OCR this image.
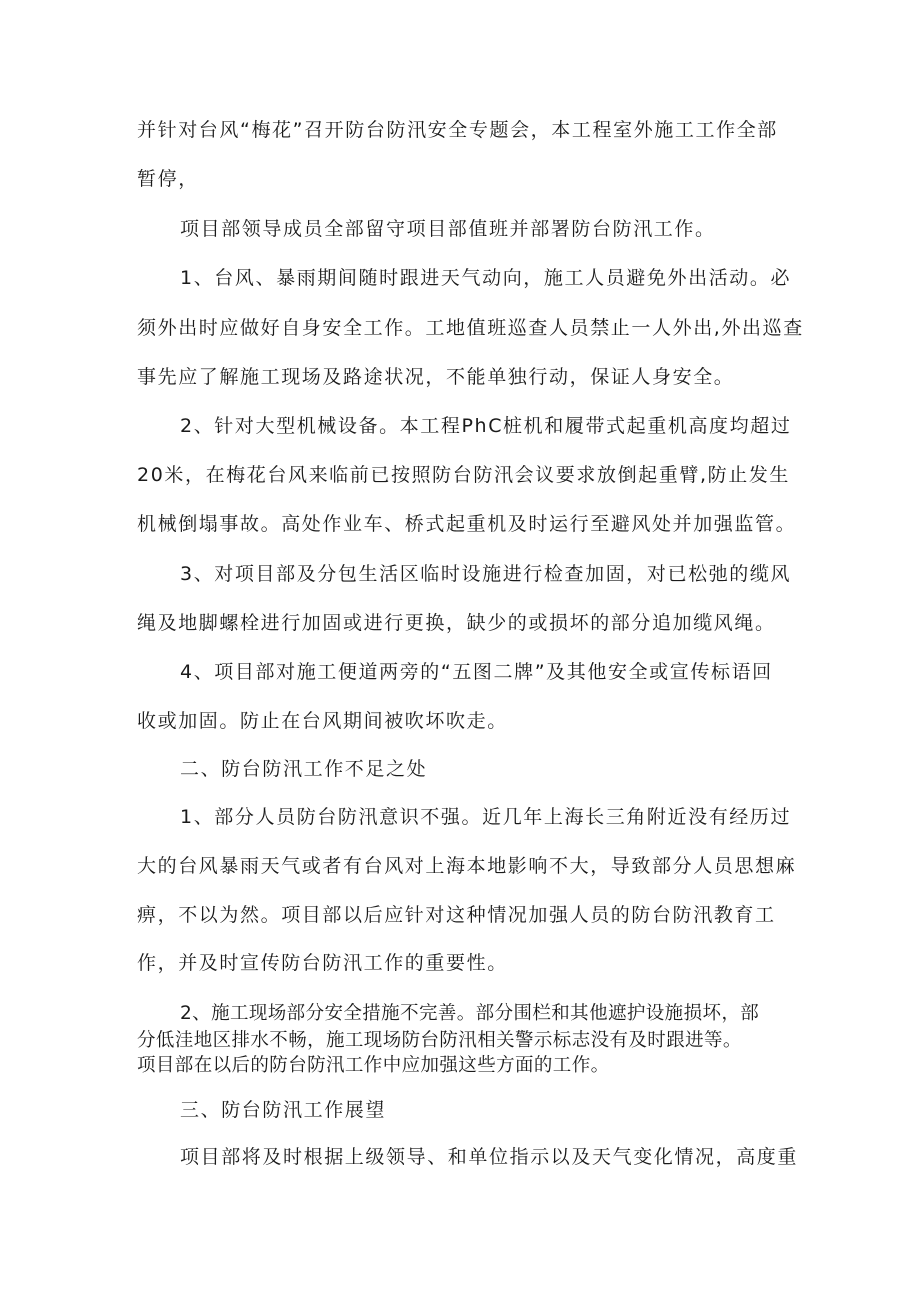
并针对台风“梅花”召开防台防汛安全专题会，本工程室外施工工作全部
暂停，
项目部领导成员全部留守项目部值班并部署防台防汛工作。
1、台风、暴雨期间随时跟进天气动向，施工人员避免外出活动。必
须外出时应做好自身安全工作。工地值班巡查人员禁止一人外出,外出巡查
事先应了解施工现场及路途状况，不能单独行动，保证人身安全。
2、针对大型机械设备。本工程PhC桩机和履带式起重机高度均超过
20米，在梅花台风来临前已按照防台防汛会议要求放倒起重臂,防止发生
机械倒塌事故。高处作业车、桥式起重机及时运行至避风处并加强监管。
3、对项目部及分包生活区临时设施进行检查加固，对已松弛的缆风
绳及地脚螺栓进行加固或进行更换，缺少的或损坏的部分追加缆风绳。
4、项目部对施工便道两旁的“五图二牌”及其他安全或宣传标语回
收或加固。防止在台风期间被吹坏吹走。
二、防台防汛工作不足之处
1、部分人员防台防汛意识不强。近几年上海长三角附近没有经历过
大的台风暴雨天气或者有台风对上海本地影响不大，导致部分人员思想麻
痹，不以为然。项目部以后应针对这种情况加强人员的防台防汛教育工
作，并及时宣传防台防汛工作的重要性。
2、施工现场部分安全措施不完善。部分围栏和其他遮护设施损坏，部
分低洼地区排水不畅，施工现场防台防汛相关警示标志没有及时跟进等。
项目部在以后的防台防汛工作中应加强这些方面的工作。
三、防台防汛工作展望
项目部将及时根据上级领导、和单位指示以及天气变化情况，高度重
